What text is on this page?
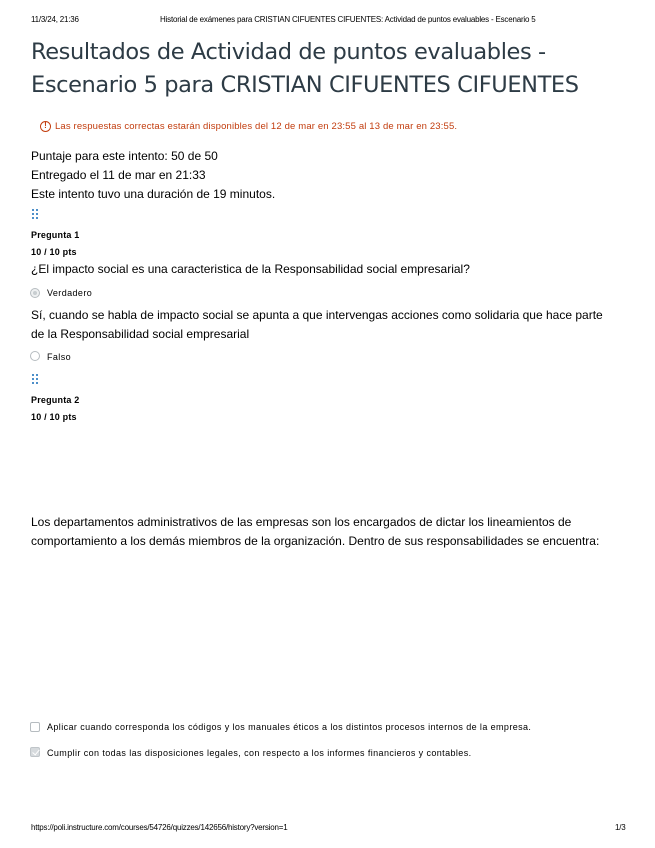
11/3/24, 21:36	Historial de exámenes para CRISTIAN CIFUENTES CIFUENTES: Actividad de puntos evaluables - Escenario 5
Resultados de Actividad de puntos evaluables -
Escenario 5 para CRISTIAN CIFUENTES CIFUENTES
! Las respuestas correctas estarán disponibles del 12 de mar en 23:55 al 13 de mar en 23:55.
Puntaje para este intento: 50 de 50
Entregado el 11 de mar en 21:33
Este intento tuvo una duración de 19 minutos.
Pregunta 1
10 / 10 pts
¿El impacto social es una caracteristica de la Responsabilidad social empresarial?
Verdadero
Sí, cuando se habla de impacto social se apunta a que intervengas acciones como solidaria que hace parte de la Responsabilidad social empresarial
Falso
Pregunta 2
10 / 10 pts
Los departamentos administrativos de las empresas son los encargados de dictar los lineamientos de comportamiento a los demás miembros de la organización. Dentro de sus responsabilidades se encuentra:
Aplicar cuando corresponda los códigos y los manuales éticos a los distintos procesos internos de la empresa.
Cumplir con todas las disposiciones legales, con respecto a los informes financieros y contables.
https://poli.instructure.com/courses/54726/quizzes/142656/history?version=1	1/3
